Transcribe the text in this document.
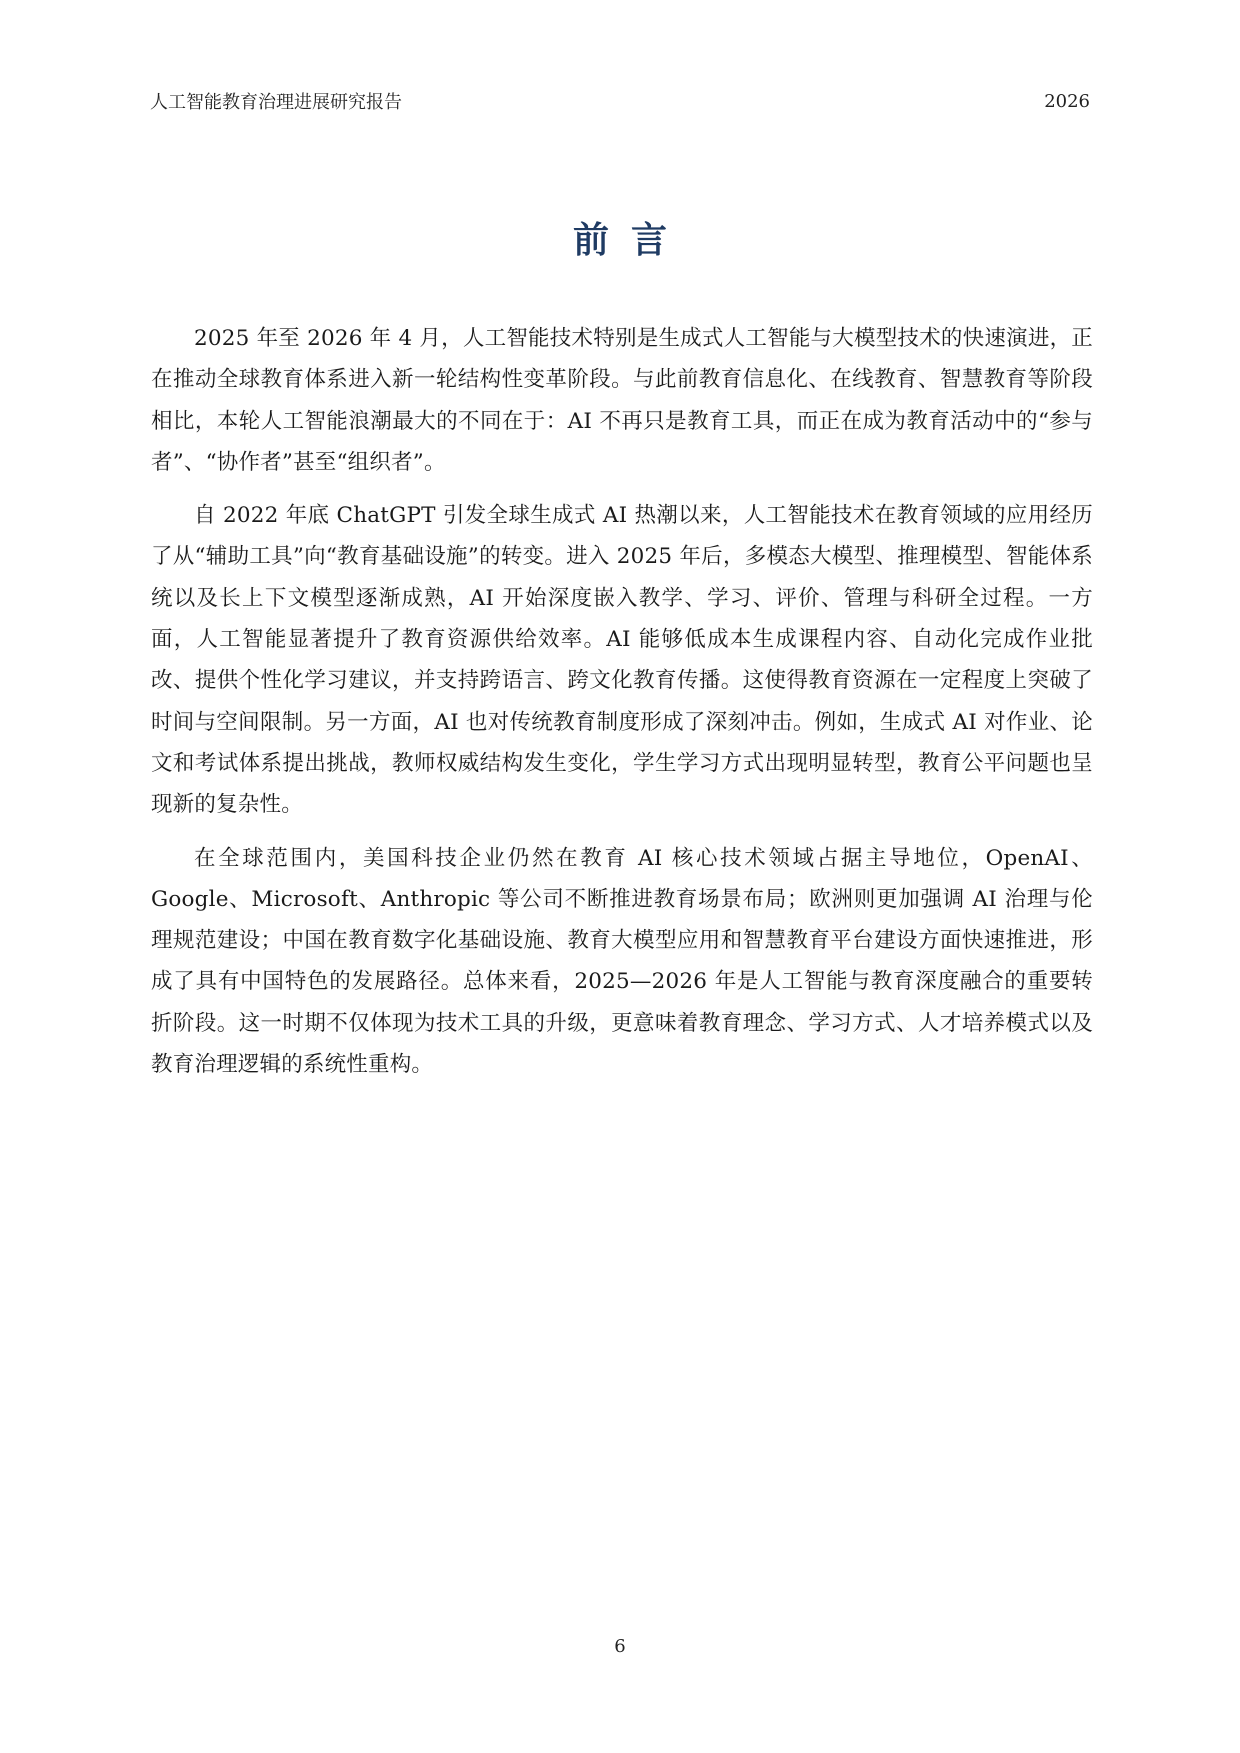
人工智能教育治理进展研究报告	2026
前言

2025 年至 2026 年 4 月，人工智能技术特别是生成式人工智能与大模型技术的快速演进，正在推动全球教育体系进入新一轮结构性变革阶段。与此前教育信息化、在线教育、智慧教育等阶段相比，本轮人工智能浪潮最大的不同在于：AI 不再只是教育工具，而正在成为教育活动中的“参与者”、“协作者”甚至“组织者”。

自 2022 年底 ChatGPT 引发全球生成式 AI 热潮以来，人工智能技术在教育领域的应用经历了从“辅助工具”向“教育基础设施”的转变。进入 2025 年后，多模态大模型、推理模型、智能体系统以及长上下文模型逐渐成熟，AI 开始深度嵌入教学、学习、评价、管理与科研全过程。一方面，人工智能显著提升了教育资源供给效率。AI 能够低成本生成课程内容、自动化完成作业批改、提供个性化学习建议，并支持跨语言、跨文化教育传播。这使得教育资源在一定程度上突破了时间与空间限制。另一方面，AI 也对传统教育制度形成了深刻冲击。例如，生成式 AI 对作业、论文和考试体系提出挑战，教师权威结构发生变化，学生学习方式出现明显转型，教育公平问题也呈现新的复杂性。

在全球范围内，美国科技企业仍然在教育 AI 核心技术领域占据主导地位，OpenAI、Google、Microsoft、Anthropic 等公司不断推进教育场景布局；欧洲则更加强调 AI 治理与伦理规范建设；中国在教育数字化基础设施、教育大模型应用和智慧教育平台建设方面快速推进，形成了具有中国特色的发展路径。总体来看，2025—2026 年是人工智能与教育深度融合的重要转折阶段。这一时期不仅体现为技术工具的升级，更意味着教育理念、学习方式、人才培养模式以及教育治理逻辑的系统性重构。

6
